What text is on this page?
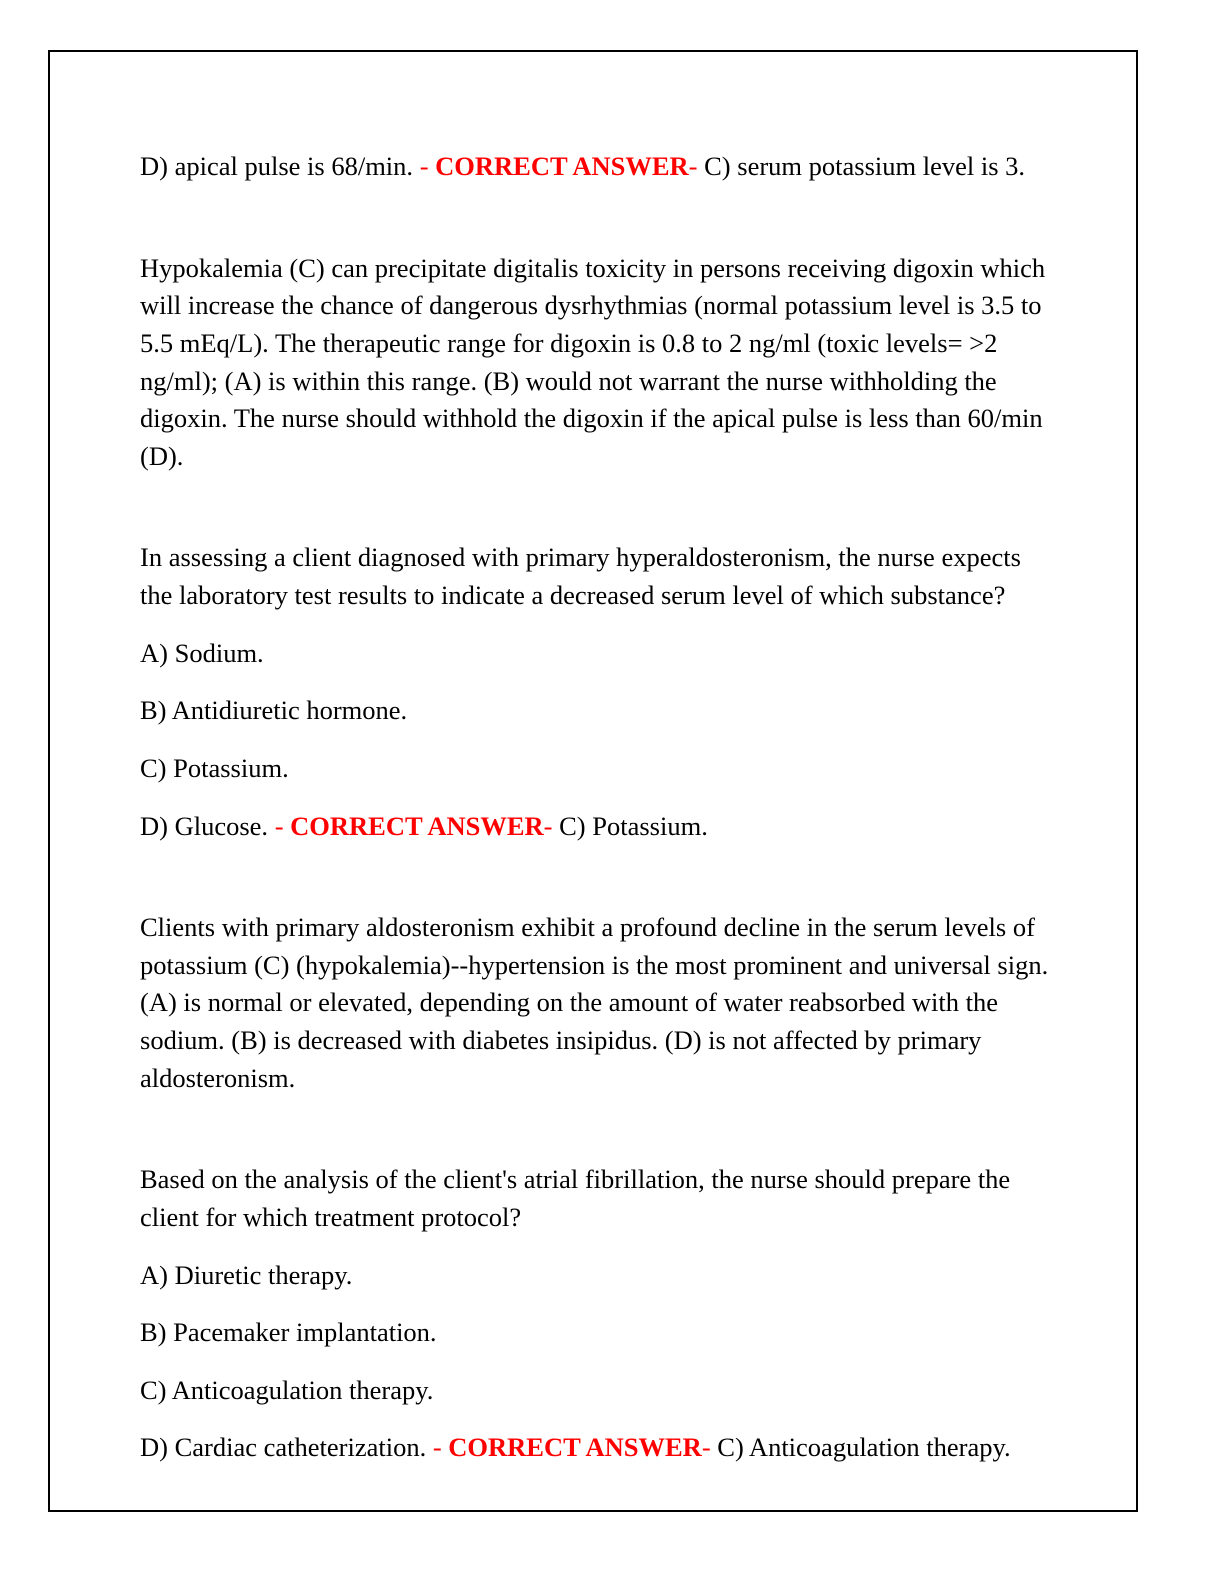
D) apical pulse is 68/min. - CORRECT ANSWER- C) serum potassium level is 3.

Hypokalemia (C) can precipitate digitalis toxicity in persons receiving digoxin which will increase the chance of dangerous dysrhythmias (normal potassium level is 3.5 to 5.5 mEq/L). The therapeutic range for digoxin is 0.8 to 2 ng/ml (toxic levels= >2 ng/ml); (A) is within this range. (B) would not warrant the nurse withholding the digoxin. The nurse should withhold the digoxin if the apical pulse is less than 60/min (D).

In assessing a client diagnosed with primary hyperaldosteronism, the nurse expects the laboratory test results to indicate a decreased serum level of which substance?

A) Sodium.

B) Antidiuretic hormone.

C) Potassium.

D) Glucose. - CORRECT ANSWER- C) Potassium.

Clients with primary aldosteronism exhibit a profound decline in the serum levels of potassium (C) (hypokalemia)--hypertension is the most prominent and universal sign. (A) is normal or elevated, depending on the amount of water reabsorbed with the sodium. (B) is decreased with diabetes insipidus. (D) is not affected by primary aldosteronism.

Based on the analysis of the client's atrial fibrillation, the nurse should prepare the client for which treatment protocol?

A) Diuretic therapy.

B) Pacemaker implantation.

C) Anticoagulation therapy.

D) Cardiac catheterization. - CORRECT ANSWER- C) Anticoagulation therapy.
